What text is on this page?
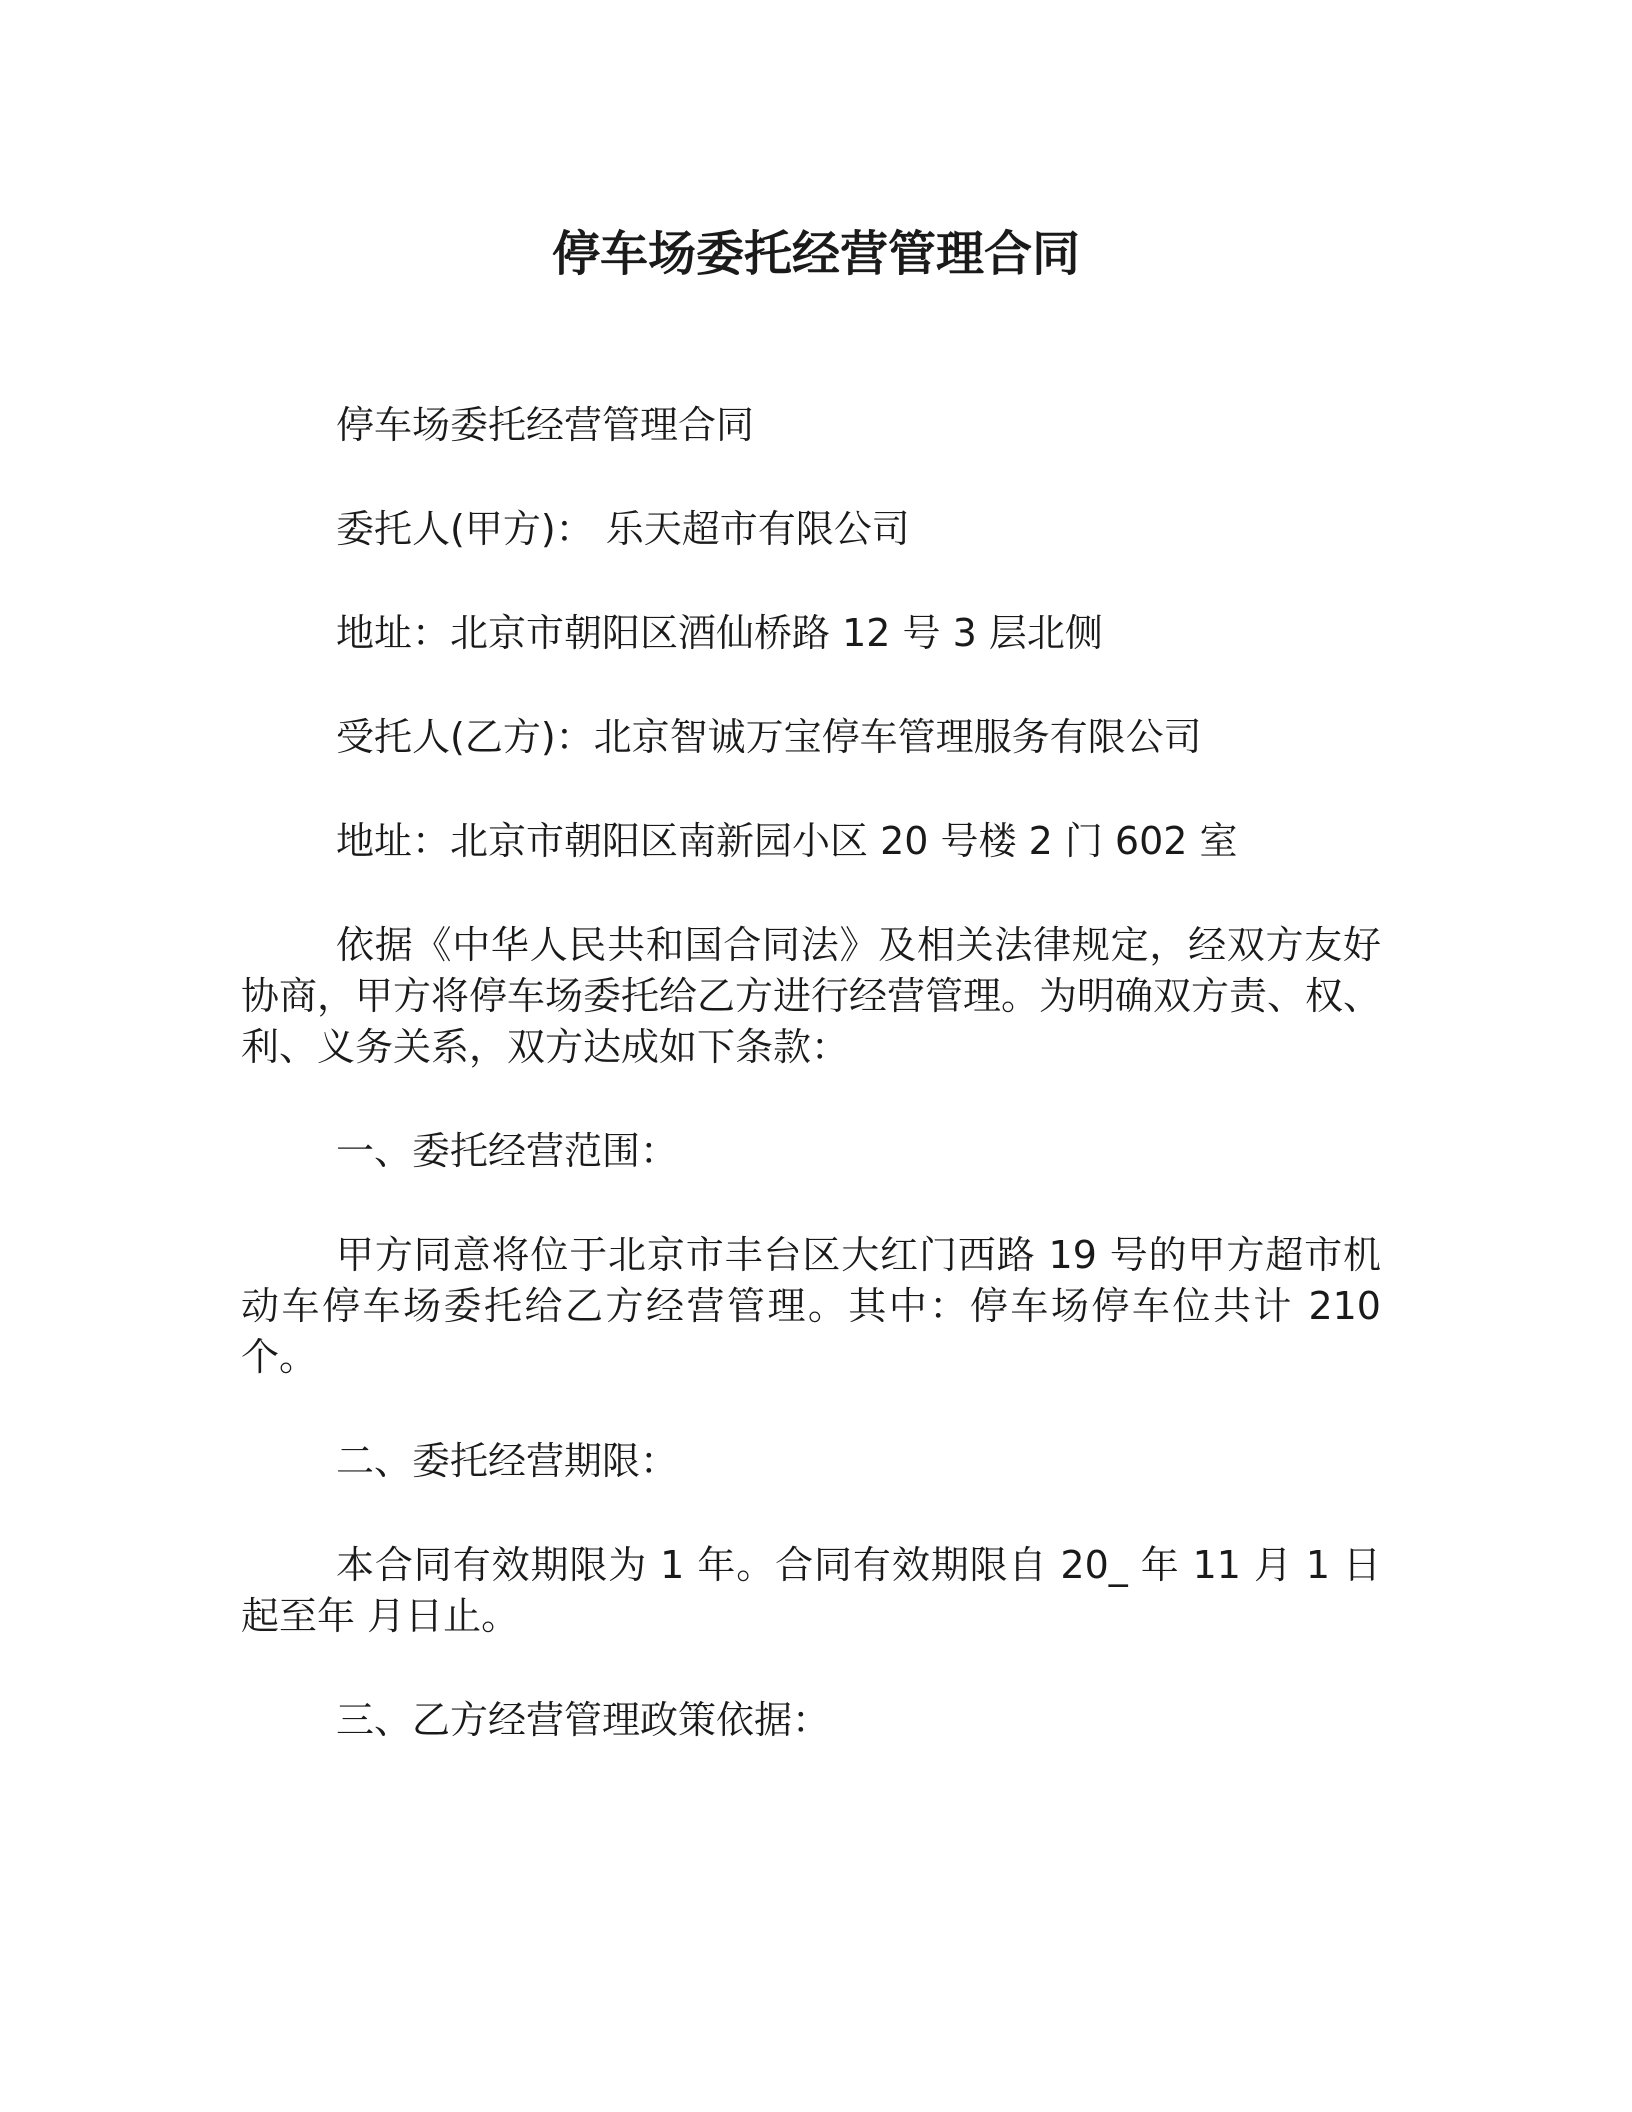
停车场委托经营管理合同

停车场委托经营管理合同

委托人(甲方)： 乐天超市有限公司

地址：北京市朝阳区酒仙桥路 12 号 3 层北侧

受托人(乙方)：北京智诚万宝停车管理服务有限公司

地址：北京市朝阳区南新园小区 20 号楼 2 门 602 室

依据《中华人民共和国合同法》及相关法律规定，经双方友好协商，甲方将停车场委托给乙方进行经营管理。为明确双方责、权、利、义务关系，双方达成如下条款：

一、委托经营范围：

甲方同意将位于北京市丰台区大红门西路 19 号的甲方超市机动车停车场委托给乙方经营管理。其中：停车场停车位共计 210 个。

二、委托经营期限：

本合同有效期限为 1 年。合同有效期限自 20_ 年 11 月 1 日起至年 月日止。

三、乙方经营管理政策依据：
